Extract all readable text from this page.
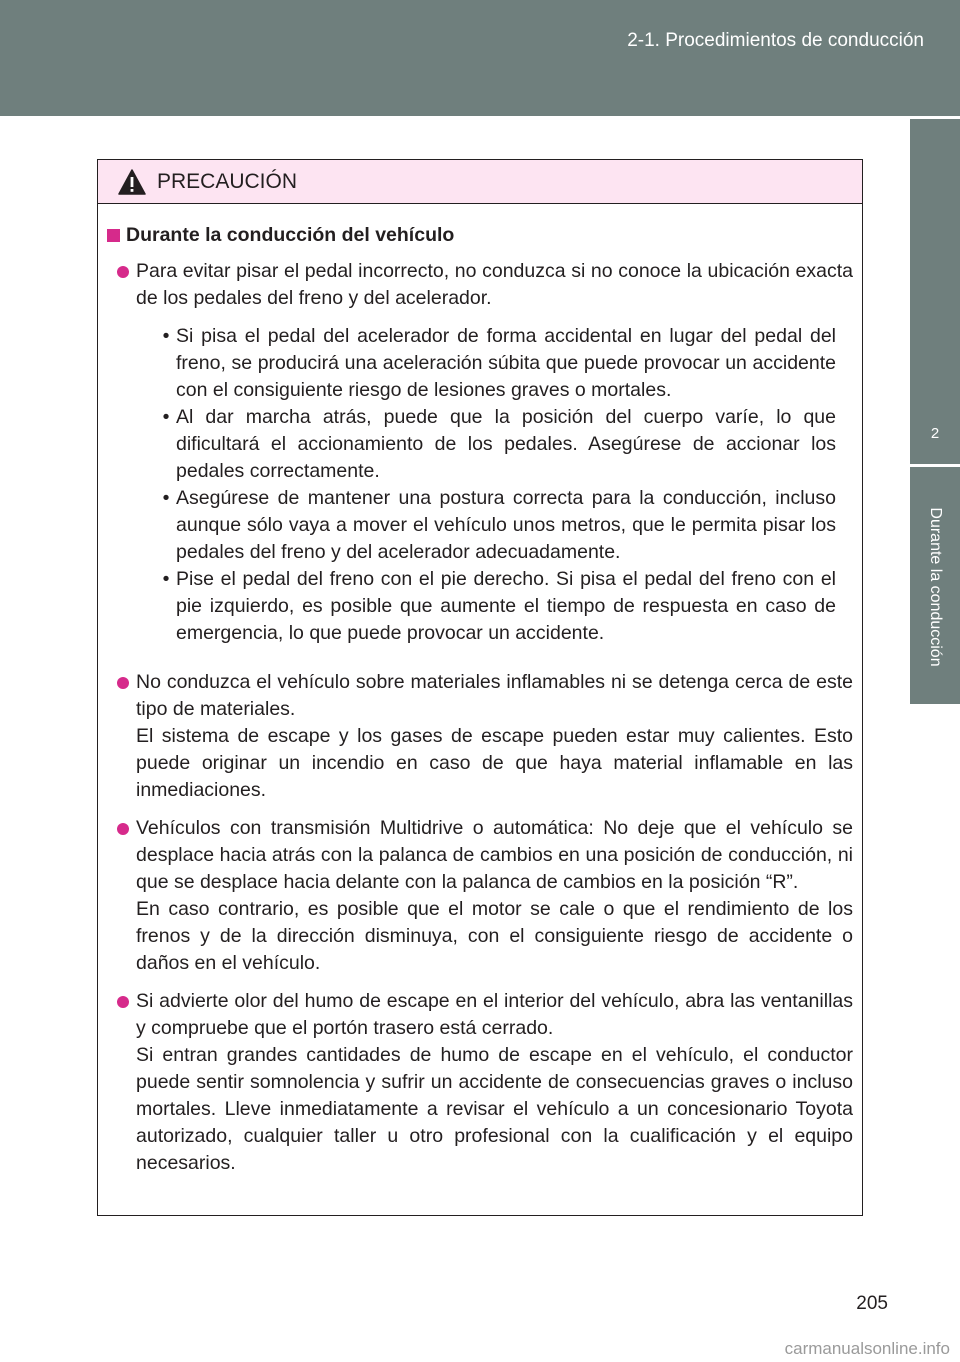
2-1. Procedimientos de conducción
2
Durante la conducción
PRECAUCIÓN
Durante la conducción del vehículo

Para evitar pisar el pedal incorrecto, no conduzca si no conoce la ubicación exacta de los pedales del freno y del acelerador.

• Si pisa el pedal del acelerador de forma accidental en lugar del pedal del freno, se producirá una aceleración súbita que puede provocar un accidente con el consiguiente riesgo de lesiones graves o mortales.
• Al dar marcha atrás, puede que la posición del cuerpo varíe, lo que dificultará el accionamiento de los pedales. Asegúrese de accionar los pedales correctamente.
• Asegúrese de mantener una postura correcta para la conducción, incluso aunque sólo vaya a mover el vehículo unos metros, que le permita pisar los pedales del freno y del acelerador adecuadamente.
• Pise el pedal del freno con el pie derecho. Si pisa el pedal del freno con el pie izquierdo, es posible que aumente el tiempo de respuesta en caso de emergencia, lo que puede provocar un accidente.

No conduzca el vehículo sobre materiales inflamables ni se detenga cerca de este tipo de materiales.

El sistema de escape y los gases de escape pueden estar muy calientes. Esto puede originar un incendio en caso de que haya material inflamable en las inmediaciones.

Vehículos con transmisión Multidrive o automática: No deje que el vehículo se desplace hacia atrás con la palanca de cambios en una posición de conducción, ni que se desplace hacia delante con la palanca de cambios en la posición “R”.

En caso contrario, es posible que el motor se cale o que el rendimiento de los frenos y de la dirección disminuya, con el consiguiente riesgo de accidente o daños en el vehículo.

Si advierte olor del humo de escape en el interior del vehículo, abra las ventanillas y compruebe que el portón trasero está cerrado.

Si entran grandes cantidades de humo de escape en el vehículo, el conductor puede sentir somnolencia y sufrir un accidente de consecuencias graves o incluso mortales. Lleve inmediatamente a revisar el vehículo a un concesionario Toyota autorizado, cualquier taller u otro profesional con la cualificación y el equipo necesarios.

205
carmanualsonline.info
